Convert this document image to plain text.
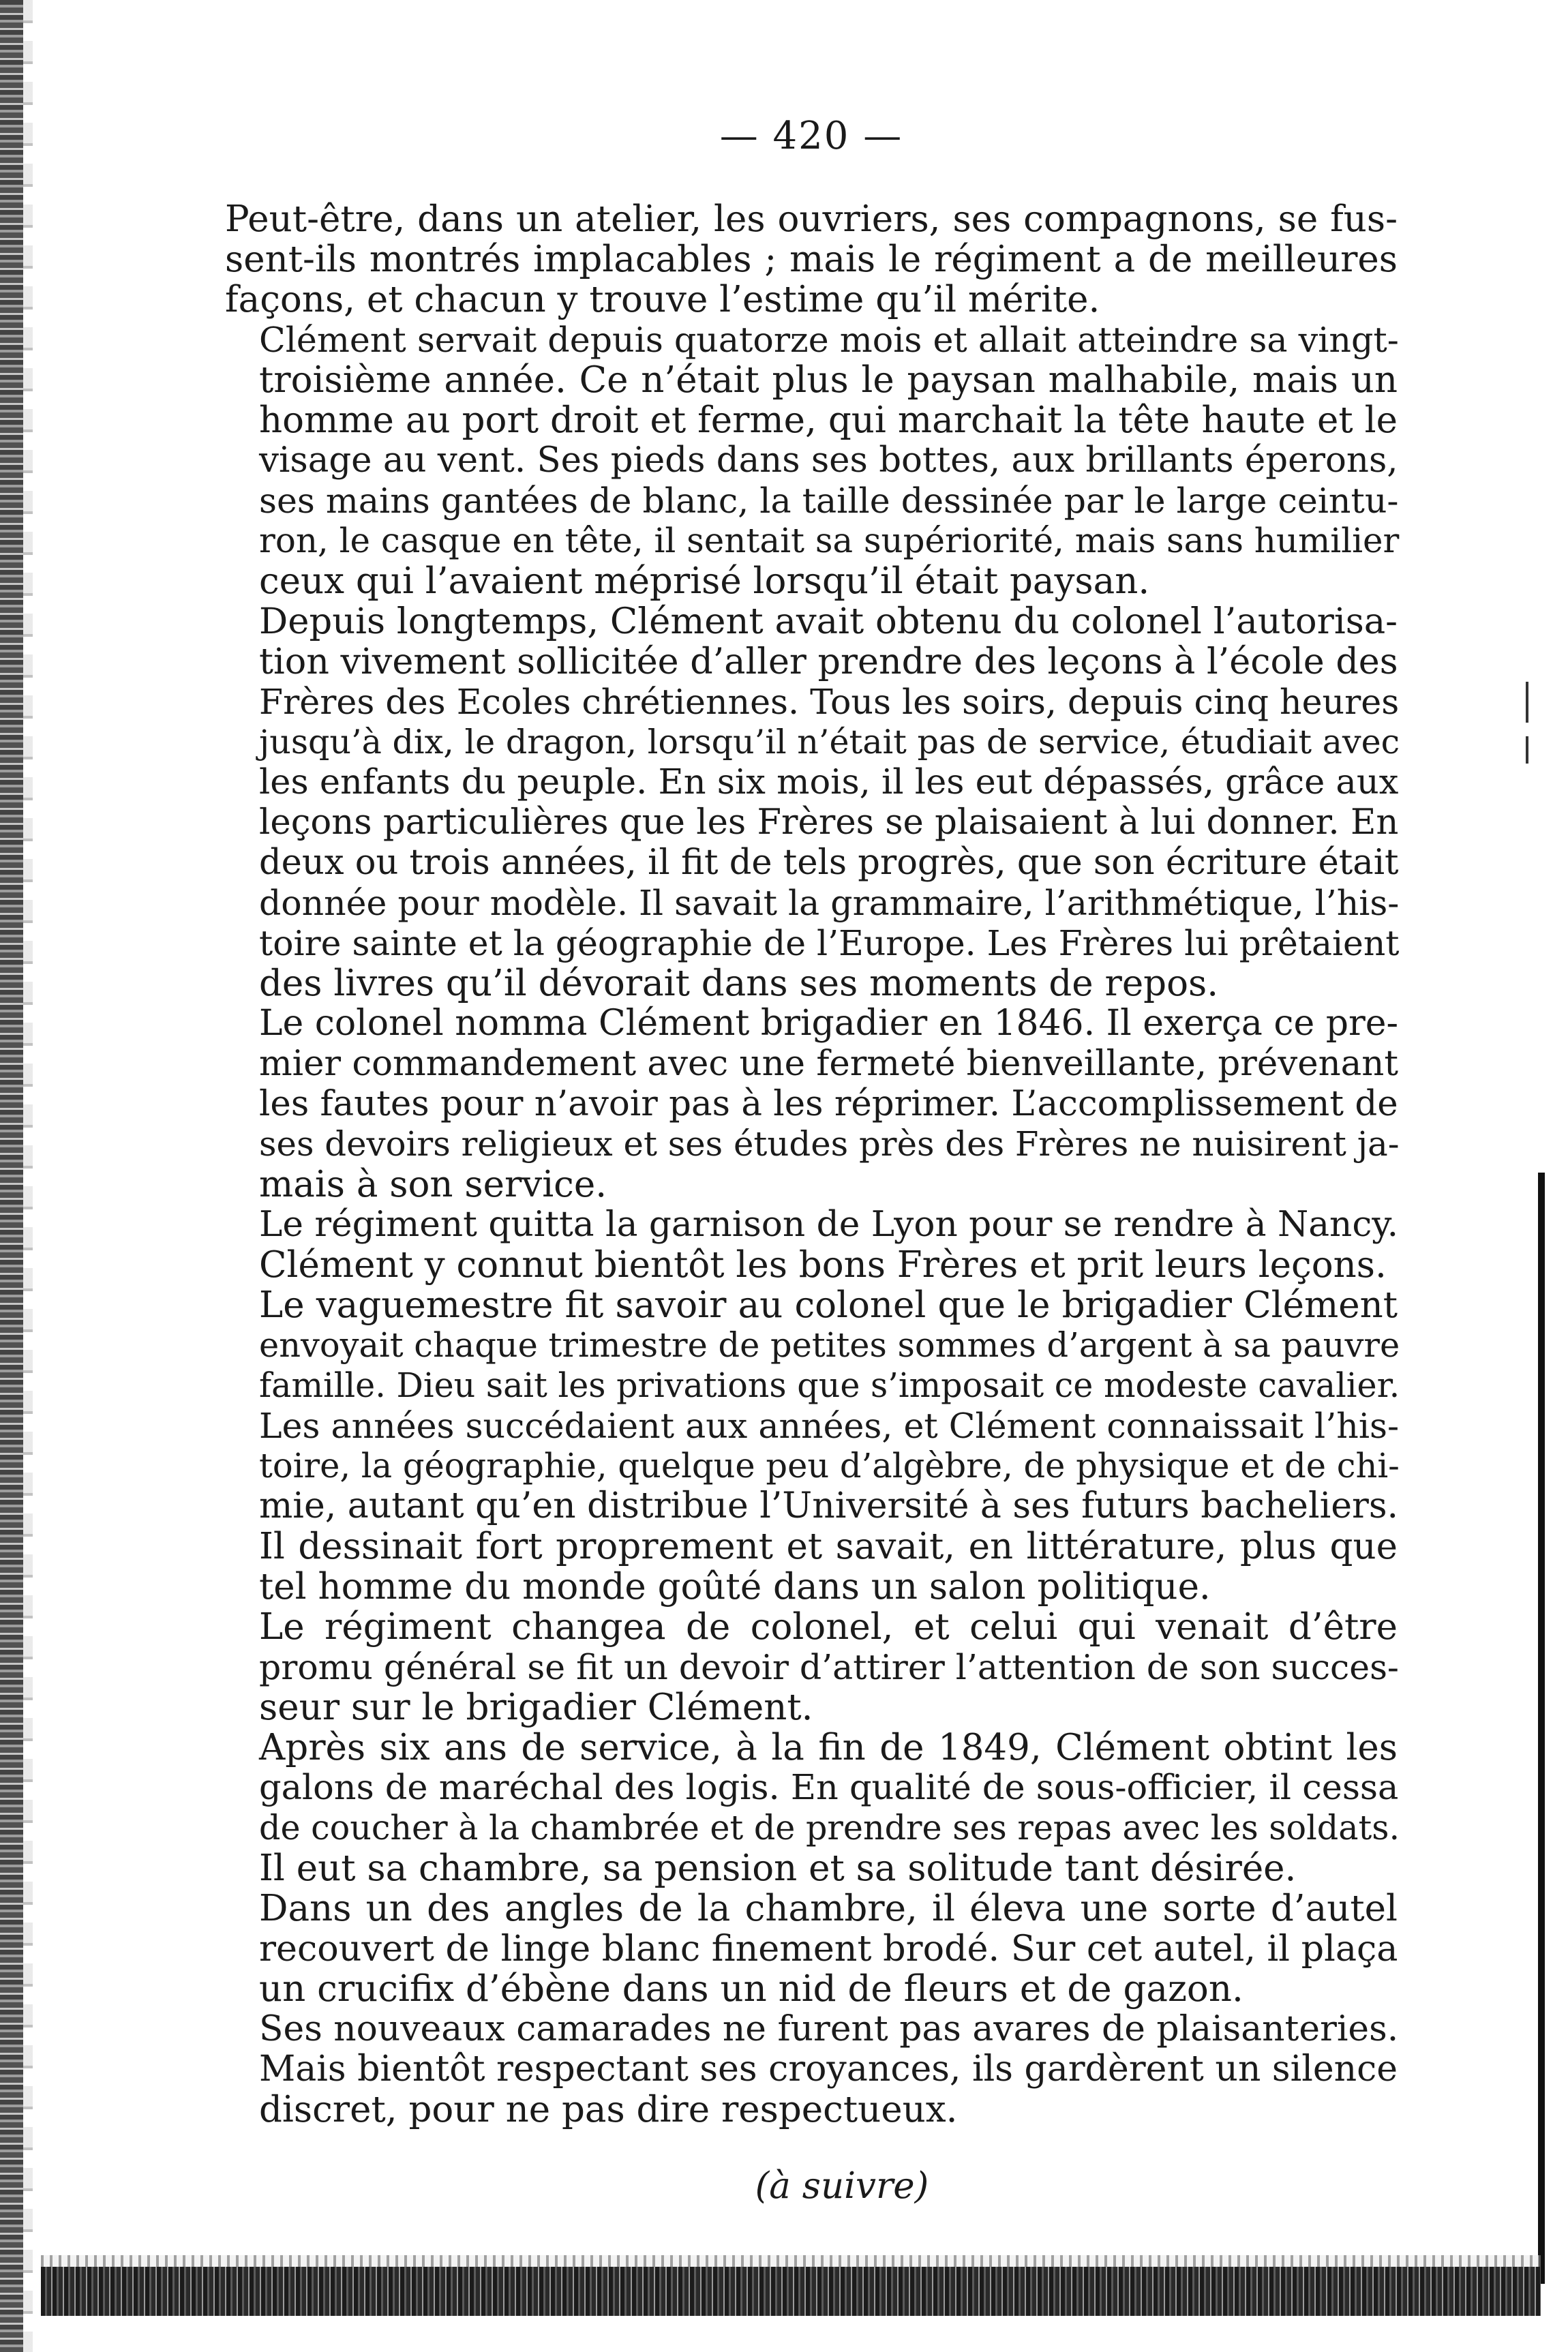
— 420 —
Peut-être, dans un atelier, les ouvriers, ses compagnons, se fus-
sent-ils montrés implacables ; mais le régiment a de meilleures
façons, et chacun y trouve l’estime qu’il mérite.
Clément servait depuis quatorze mois et allait atteindre sa vingt-
troisième année. Ce n’était plus le paysan malhabile, mais un
homme au port droit et ferme, qui marchait la tête haute et le
visage au vent. Ses pieds dans ses bottes, aux brillants éperons,
ses mains gantées de blanc, la taille dessinée par le large ceintu-
ron, le casque en tête, il sentait sa supériorité, mais sans humilier
ceux qui l’avaient méprisé lorsqu’il était paysan.
Depuis longtemps, Clément avait obtenu du colonel l’autorisa-
tion vivement sollicitée d’aller prendre des leçons à l’école des
Frères des Ecoles chrétiennes. Tous les soirs, depuis cinq heures
jusqu’à dix, le dragon, lorsqu’il n’était pas de service, étudiait avec
les enfants du peuple. En six mois, il les eut dépassés, grâce aux
leçons particulières que les Frères se plaisaient à lui donner. En
deux ou trois années, il fit de tels progrès, que son écriture était
donnée pour modèle. Il savait la grammaire, l’arithmétique, l’his-
toire sainte et la géographie de l’Europe. Les Frères lui prêtaient
des livres qu’il dévorait dans ses moments de repos.
Le colonel nomma Clément brigadier en 1846. Il exerça ce pre-
mier commandement avec une fermeté bienveillante, prévenant
les fautes pour n’avoir pas à les réprimer. L’accomplissement de
ses devoirs religieux et ses études près des Frères ne nuisirent ja-
mais à son service.
Le régiment quitta la garnison de Lyon pour se rendre à Nancy.
Clément y connut bientôt les bons Frères et prit leurs leçons.
Le vaguemestre fit savoir au colonel que le brigadier Clément
envoyait chaque trimestre de petites sommes d’argent à sa pauvre
famille. Dieu sait les privations que s’imposait ce modeste cavalier.
Les années succédaient aux années, et Clément connaissait l’his-
toire, la géographie, quelque peu d’algèbre, de physique et de chi-
mie, autant qu’en distribue l’Université à ses futurs bacheliers.
Il dessinait fort proprement et savait, en littérature, plus que
tel homme du monde goûté dans un salon politique.
Le régiment changea de colonel, et celui qui venait d’être
promu général se fit un devoir d’attirer l’attention de son succes-
seur sur le brigadier Clément.
Après six ans de service, à la fin de 1849, Clément obtint les
galons de maréchal des logis. En qualité de sous-officier, il cessa
de coucher à la chambrée et de prendre ses repas avec les soldats.
Il eut sa chambre, sa pension et sa solitude tant désirée.
Dans un des angles de la chambre, il éleva une sorte d’autel
recouvert de linge blanc finement brodé. Sur cet autel, il plaça
un crucifix d’ébène dans un nid de fleurs et de gazon.
Ses nouveaux camarades ne furent pas avares de plaisanteries.
Mais bientôt respectant ses croyances, ils gardèrent un silence
discret, pour ne pas dire respectueux.
(à suivre)
